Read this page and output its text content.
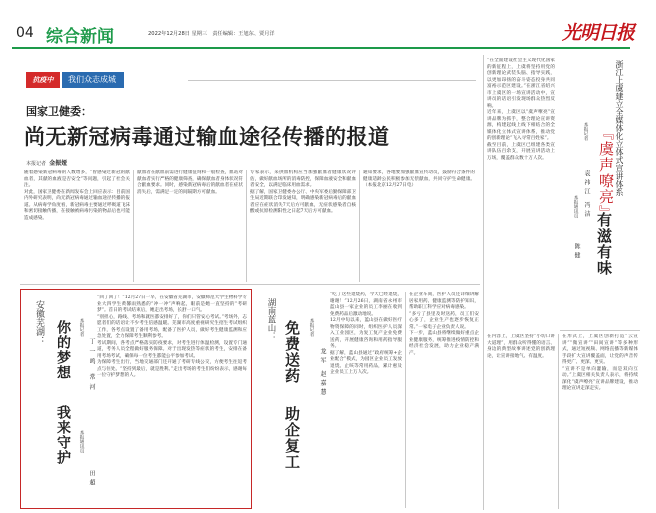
04 综合新闻	2022年12月28日 星期三　责任编辑：王旭东、贾月洋	光明日报
抗疫中	我们众志成城
国家卫健委：
尚无新冠病毒通过输血途径传播的报道
本报记者 金振娅

随着感染新冠病毒的人数增多，“曾感染过新冠的献血者，其献的血液是否安全”等问题，引起了社会关注。

对此，国家卫健委在新闻发布会上回应表示：目前国内外研究表明，尚无新冠病毒通过输血途径传播的报道。从病毒学角度看，新冠病毒主要通过呼吸道飞沫和密切接触传播，在接触被病毒污染的物品后也可能造成感染。

献血者在献血前需进行健康征询和一般检查，血站对献血者实行严格的健康筛查，确保献血者身体状况符合献血要求。同时，感染新冠病毒后的献血者在症状消失后，需满足一定的间隔期方可献血。

专家表示，采供血机构应当加强献血者健康状况评估，做好献血场所的消毒防控，保障血液安全和献血者安全，以满足临床用血需求。

据了解，国家卫健委办公厅、中央军委后勤保障部卫生局近期联合印发通知，明确感染新冠病毒后的献血者应在症状消失7天后方可献血，无症状感染者自核酸或抗原检测阳性之日起7天后方可献血。

通知要求，各地要加强献血宣传动员，鼓励符合条件的健康适龄公民积极参加无偿献血，共同守护生命健康。（本报北京12月27日电）

安徽芜湖： 你的梦想
我来守护
本报记者
丁一鸣 常河
本报通讯员
田超

“回了回了！”12月27日一早，在安徽省芜湖市，安徽师范大学生物科学专业大四学生黄馨雨熟悉的“冲一冲”声响起，眼前是她一直坚持的“考研梦”。首日的考试结束后，她走出考场，长舒一口气。

“别担心，路线、考场和就医都安排好了，你们只管安心考试。”考场外，志愿者们的话语让不少考生倍感温暖。芜湖市高度重视研究生招生考试组织工作，各考点设置了备用考场，配备了医护人员，做好考生健康监测和应急处置，全力保障考生顺利参考。

考试期间，各考点严格落实防疫要求，对考生进行体温检测，设置专门通道，考务人员全程做好服务保障。对于出现发热等症状的考生，安排在备用考场考试，确保每一位考生都能公平参加考试。

为保障考生出行，当地交通部门还开通了考研专线公交，方便考生往返考点与住处。“坚持到最后，就是胜利。”走出考场的考生们纷纷表示，感谢每一位守护梦想的人。

湖南蓝山：
免费送药
助企复工
本报记者
龙军 赵嘉慧

“吃了这些退烧药，今天已经退烧，谢谢！”12月26日，湖南省永州市蓝山县一家企业的员工李丽在收到免费药品后激动地说。

12月中旬以来，蓝山县在做好医疗物资保障的同时，组织医护人员深入工业园区，为复工复产企业免费送药，开展健康咨询和用药指导服务。

据了解，蓝山县通过“政府统筹+企业配合”模式，为园区企业员工发放退烧、止咳等常用药品，累计惠及企业员工上万人次。

在企业车间，医护人员还详细讲解居家用药、健康监测等防护知识，帮助职工科学应对病毒感染。

“多亏了县里及时送药，员工们安心多了，企业生产也逐步恢复正常。”一家电子企业负责人说。

下一步，蓝山县将继续做好重点企业健康服务，统筹推进疫情防控和经济社会发展，助力企业稳产满产。

“在全面建设社会主义现代化国家的新征程上，上虞将坚持用党的创新理论武装头脑、指导实践，以更加昂扬的奋斗姿态投身共同富裕示范区建设。”在浙江省绍兴市上虞区的一场宣讲活动中，宣讲员的话语引发现场群众热烈反响。

近年来，上虞区以“虞声嘹亮”宣讲品牌为抓手，整合理论宣讲资源，构建起线上线下相结合的全媒体化立体式宣讲体系，推动党的创新理论“飞入寻常百姓家”。

截至目前，上虞区已组建各类宣讲队伍百余支，开展宣讲活动上万场，覆盖群众数十万人次。	浙江上虞建立全媒体化立体式宣讲体系
『虞声嘹亮』
有滋有味
本报记者
袁祎江 冯洁
本报通讯员
陈健

在内容上，上虞区坚持“小切口讲大道理”，用群众听得懂的语言、身边的典型故事讲述党的创新理论，让宣讲接地气、有温度。

在形式上，上虞区创新打造“云宣讲”“微宣讲”“田间宣讲”等多种形式，通过短视频、网络直播等新媒体手段扩大宣讲覆盖面，让党的声音传得更广、更深、更实。

“宣讲不是单向灌输，而是双向互动。”上虞区相关负责人表示，将持续深化“虞声嘹亮”宣讲品牌建设，推动理论宣讲走深走实。
